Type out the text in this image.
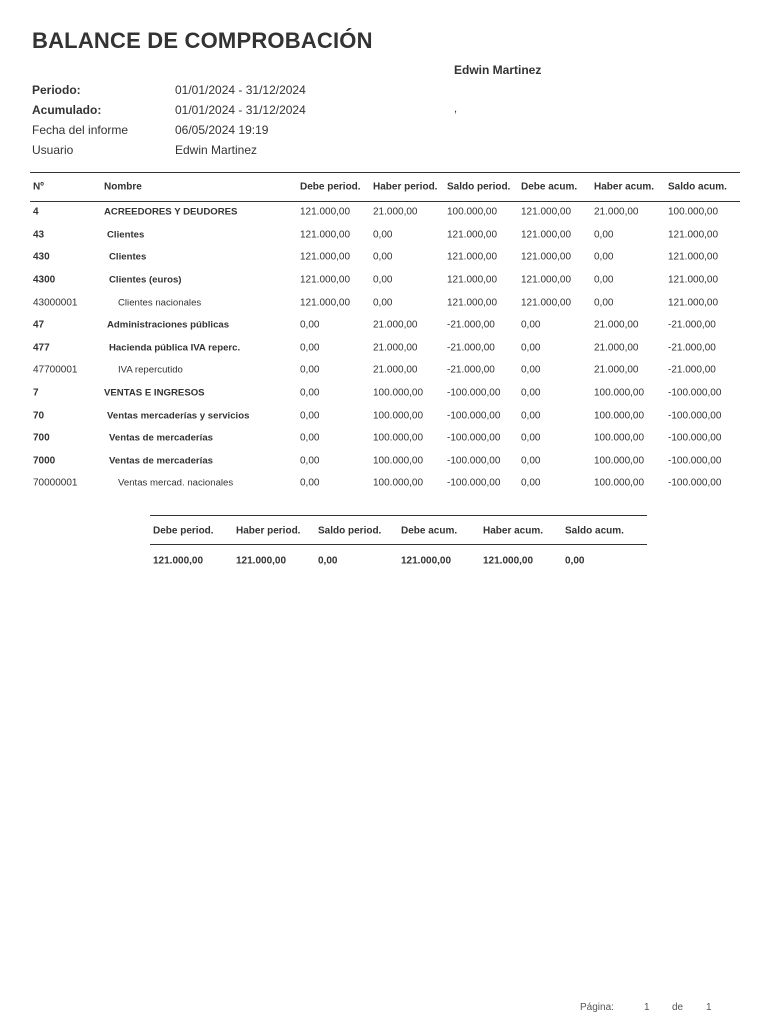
BALANCE DE COMPROBACIÓN
Edwin Martinez
,
Periodo:	01/01/2024 - 31/12/2024
Acumulado:	01/01/2024 - 31/12/2024
Fecha del informe	06/05/2024 19:19
Usuario	Edwin Martinez
Nº	Nombre	Debe period. Haber period. Saldo period. Debe acum. Haber acum. Saldo acum.
4	ACREEDORES Y DEUDORES	121.000,00 21.000,00	100.000,00 121.000,00 21.000,00	100.000,00
43	Clientes	121.000,00 0,00	121.000,00 121.000,00 0,00	121.000,00
430	Clientes	121.000,00 0,00	121.000,00 121.000,00 0,00	121.000,00
4300	Clientes (euros)	121.000,00 0,00	121.000,00 121.000,00 0,00	121.000,00
43000001	Clientes nacionales	121.000,00 0,00	121.000,00 121.000,00 0,00	121.000,00
47	Administraciones públicas	0,00	21.000,00	-21.000,00	0,00	21.000,00	-21.000,00
477	Hacienda pública IVA reperc.	0,00	21.000,00	-21.000,00	0,00	21.000,00	-21.000,00
47700001	IVA repercutido	0,00	21.000,00	-21.000,00	0,00	21.000,00	-21.000,00
7	VENTAS E INGRESOS	0,00	100.000,00 -100.000,00 0,00	100.000,00 -100.000,00
70	Ventas mercaderías y servicios	0,00	100.000,00 -100.000,00 0,00	100.000,00 -100.000,00
700	Ventas de mercaderías	0,00	100.000,00 -100.000,00 0,00	100.000,00 -100.000,00
7000	Ventas de mercaderías	0,00	100.000,00 -100.000,00 0,00	100.000,00 -100.000,00
70000001	Ventas mercad. nacionales	0,00	100.000,00 -100.000,00 0,00	100.000,00 -100.000,00
Debe period. Haber period. Saldo period. Debe acum.	Haber acum. Saldo acum.
121.000,00	121.000,00	0,00	121.000,00	121.000,00	0,00
Página:	1 de 1
